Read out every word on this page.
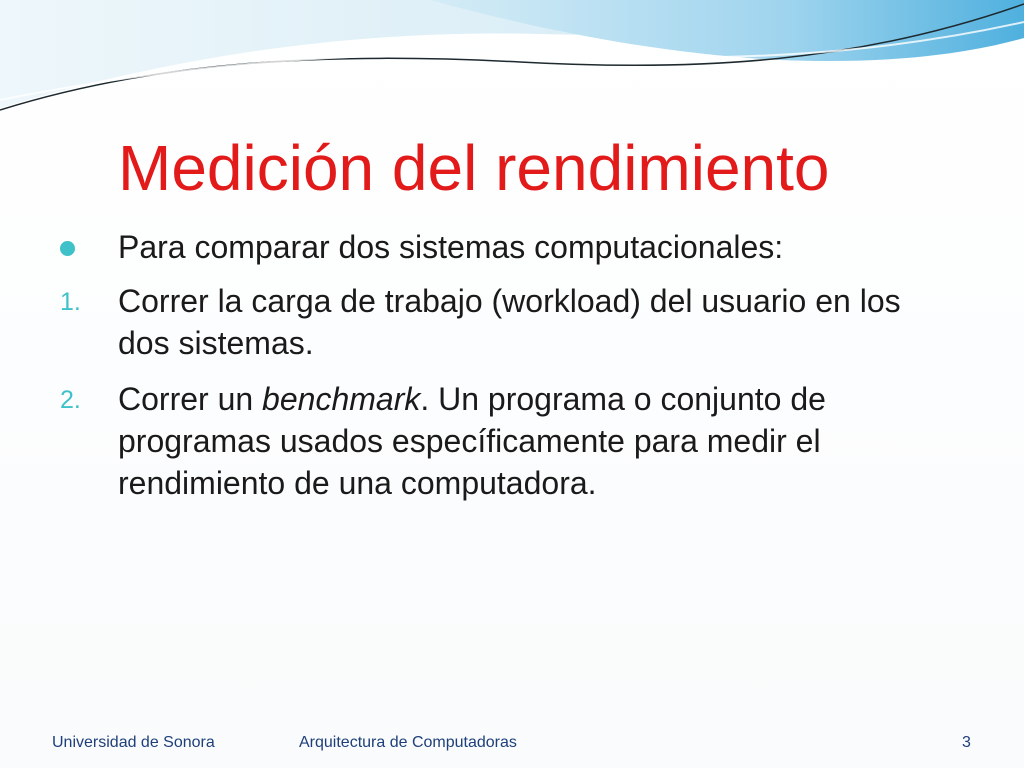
Medición del rendimiento
Para comparar dos sistemas computacionales:
1. Correr la carga de trabajo (workload) del usuario en los dos sistemas.
2. Correr un benchmark. Un programa o conjunto de programas usados específicamente para medir el rendimiento de una computadora.
Universidad de Sonora	Arquitectura de Computadoras	3
